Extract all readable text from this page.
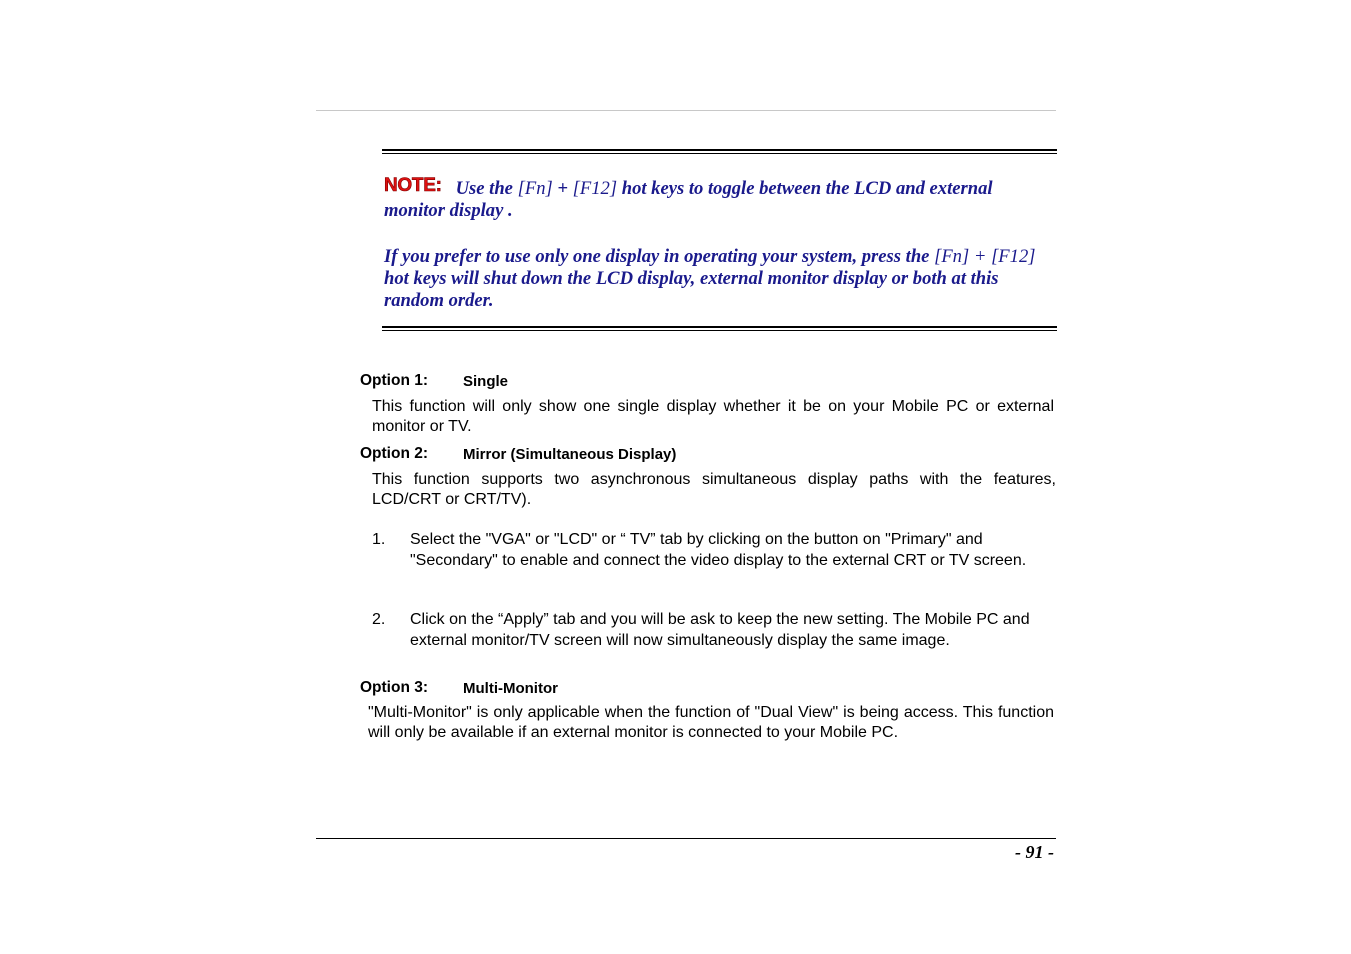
NOTE: Use the [Fn] + [F12] hot keys to toggle between the LCD and external monitor display .
If you prefer to use only one display in operating your system, press the [Fn] + [F12] hot keys will shut down the LCD display, external monitor display or both at this random order.
Option 1: Single
This function will only show one single display whether it be on your Mobile PC or external monitor or TV.
Option 2: Mirror (Simultaneous Display)
This function supports two asynchronous simultaneous display paths with the features, LCD/CRT or CRT/TV).
1. Select the "VGA" or "LCD" or “ TV” tab by clicking on the button on "Primary" and "Secondary" to enable and connect the video display to the external CRT or TV screen.
2. Click on the “Apply” tab and you will be ask to keep the new setting. The Mobile PC and external monitor/TV screen will now simultaneously display the same image.
Option 3: Multi-Monitor
"Multi-Monitor" is only applicable when the function of "Dual View" is being access. This function will only be available if an external monitor is connected to your Mobile PC.
- 91 -
